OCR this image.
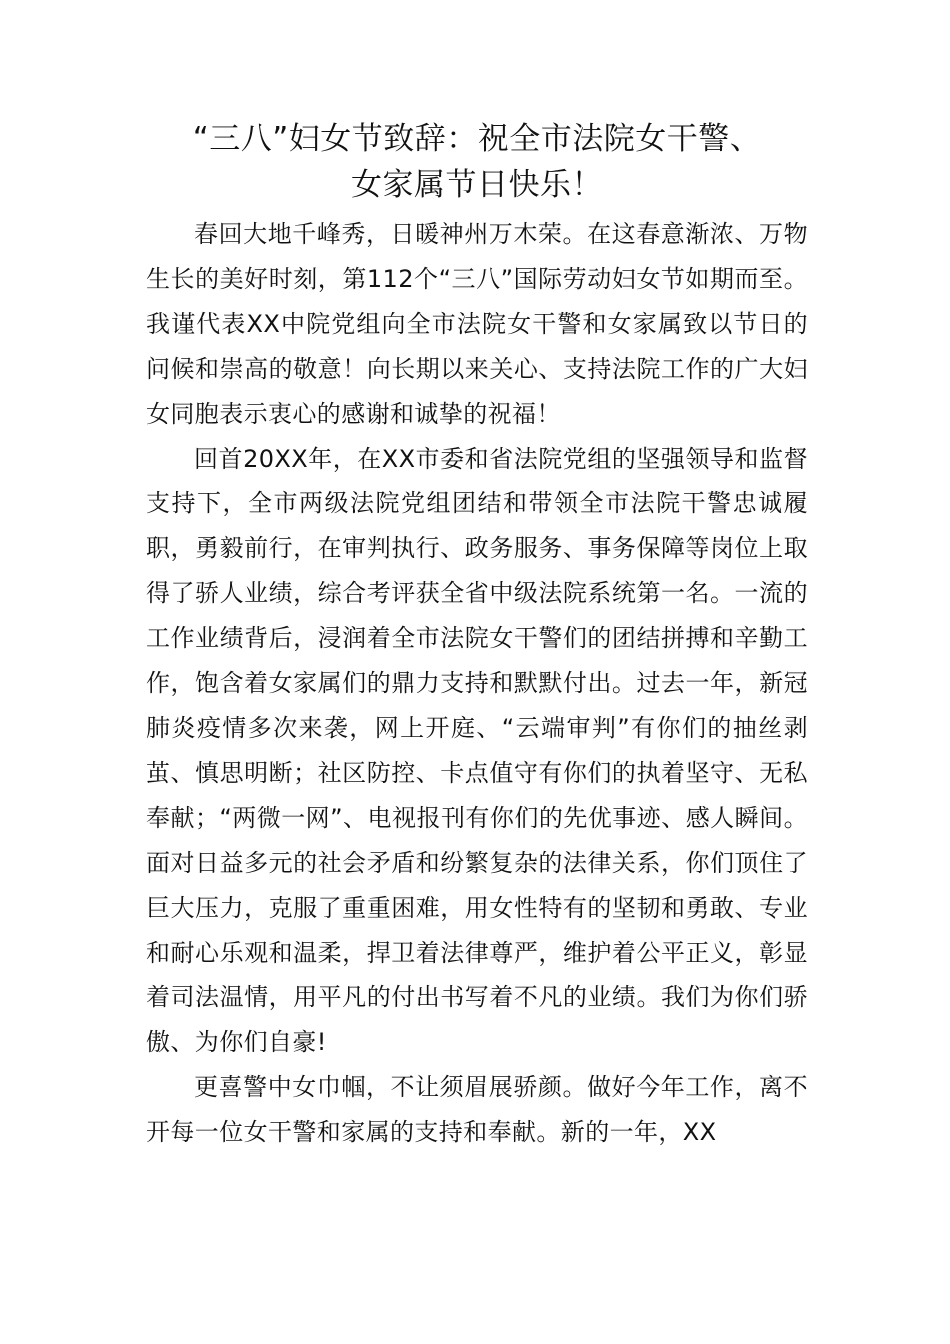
“三八”妇女节致辞：祝全市法院女干警、
女家属节日快乐！

春回大地千峰秀，日暖神州万木荣。在这春意渐浓、万物生长的美好时刻，第112个“三八”国际劳动妇女节如期而至。我谨代表XX中院党组向全市法院女干警和女家属致以节日的问候和崇高的敬意！向长期以来关心、支持法院工作的广大妇女同胞表示衷心的感谢和诚挚的祝福！

回首20XX年，在XX市委和省法院党组的坚强领导和监督支持下，全市两级法院党组团结和带领全市法院干警忠诚履职，勇毅前行，在审判执行、政务服务、事务保障等岗位上取得了骄人业绩，综合考评获全省中级法院系统第一名。一流的工作业绩背后，浸润着全市法院女干警们的团结拼搏和辛勤工作，饱含着女家属们的鼎力支持和默默付出。过去一年，新冠肺炎疫情多次来袭，网上开庭、“云端审判”有你们的抽丝剥茧、慎思明断；社区防控、卡点值守有你们的执着坚守、无私奉献；“两微一网”、电视报刊有你们的先优事迹、感人瞬间。面对日益多元的社会矛盾和纷繁复杂的法律关系，你们顶住了巨大压力，克服了重重困难，用女性特有的坚韧和勇敢、专业和耐心乐观和温柔，捍卫着法律尊严，维护着公平正义，彰显着司法温情，用平凡的付出书写着不凡的业绩。我们为你们骄傲、为你们自豪!

更喜警中女巾帼，不让须眉展骄颜。做好今年工作，离不开每一位女干警和家属的支持和奉献。新的一年，XX
